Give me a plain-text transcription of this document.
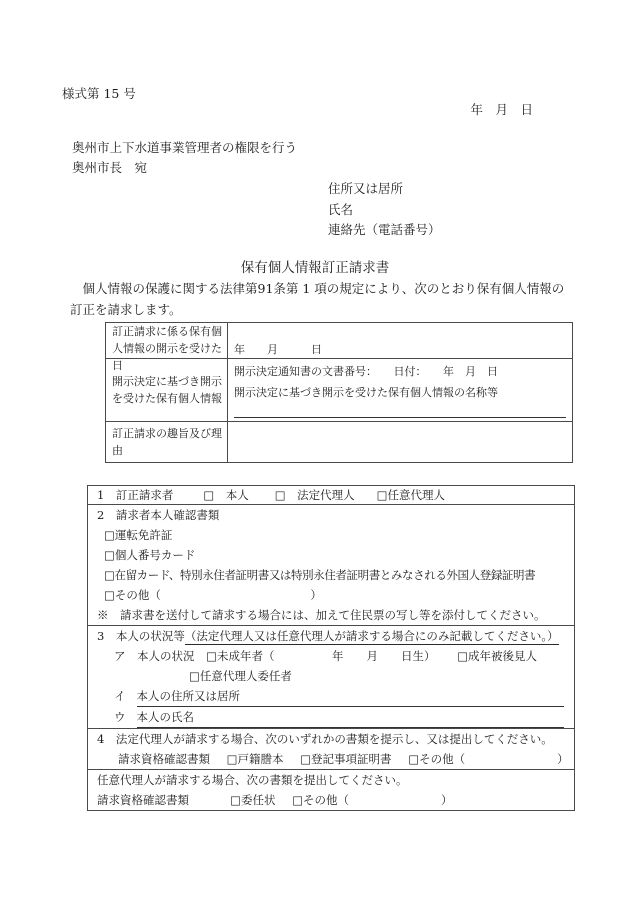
様式第 15 号
年　月　日
奥州市上下水道事業管理者の権限を行う
奥州市長　宛
住所又は居所
氏名
連絡先（電話番号）
保有個人情報訂正請求書
個人情報の保護に関する法律第91条第 1 項の規定により、次のとおり保有個人情報の訂正を請求します。
訂正請求に係る保有個人情報の開示を受けた日
年　　月　　　日
開示決定に基づき開示を受けた保有個人情報
開示決定通知書の文書番号：　　日付：　　年　月　日
開示決定に基づき開示を受けた保有個人情報の名称等
訂正請求の趣旨及び理由
1　訂正請求者	□　本人 □　法定代理人 □任意代理人
2　請求者本人確認書類
□運転免許証
□個人番号カード
□在留カード、特別永住者証明書又は特別永住者証明書とみなされる外国人登録証明書
□その他（　　　　　　　　　　　　　）
※　請求書を送付して請求する場合には、加えて住民票の写し等を添付してください。
3　本人の状況等（法定代理人又は任意代理人が請求する場合にのみ記載してください。）
ア　本人の状況 □未成年者（　　　　　年　　月　　日生） □成年被後見人
□任意代理人委任者
イ 本人の住所又は居所
ウ 本人の氏名
4　法定代理人が請求する場合、次のいずれかの書類を提示し、又は提出してください。
請求資格確認書類 □戸籍謄本 □登記事項証明書 □その他（　　　　　　　　）
任意代理人が請求する場合、次の書類を提出してください。
請求資格確認書類　	□委任状 □その他（　　　　　　　　）
